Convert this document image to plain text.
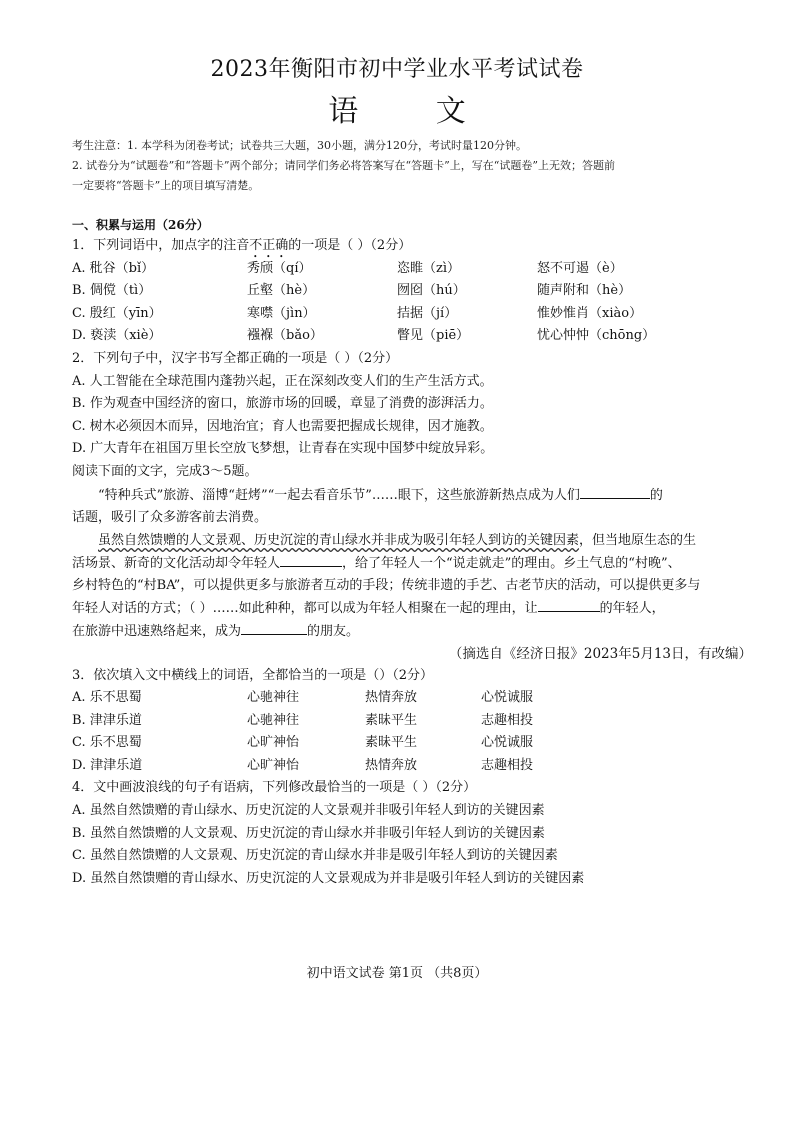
2023年衡阳市初中学业水平考试试卷
语 文

考生注意：1. 本学科为闭卷考试；试卷共三大题，30小题，满分120分，考试时量120分钟。

2. 试卷分为“试题卷”和“答题卡”两个部分；请同学们务必将答案写在“答题卡”上，写在“试题卷”上无效；答题前

一定要将“答题卡”上的项目填写清楚。

一、积累与运用（26分）
1．下列词语中，加点字的注音不正确的一项是（ ）（2分）
A. 秕谷（bǐ）	秀颀（qí）	恣睢（zì）	怒不可遏（è）
B. 倜傥（tì）	丘壑（hè）	囫囵（hú）	随声附和（hè）
C. 殷红（yīn）	寒噤（jìn）	拮据（jí）	惟妙惟肖（xiào）
D. 亵渎（xiè）	襁褓（bǎo）	瞥见（piē）	忧心忡忡（chōng）
2．下列句子中，汉字书写全都正确的一项是（ ）（2分）
A. 人工智能在全球范围内蓬勃兴起，正在深刻改变人们的生产生活方式。
B. 作为观查中国经济的窗口，旅游市场的回暖，章显了消费的澎湃活力。
C. 树木必须因木而异，因地治宜；育人也需要把握成长规律，因才施教。
D. 广大青年在祖国万里长空放飞梦想，让青春在实现中国梦中绽放异彩。
阅读下面的文字，完成3～5题。
“特种兵式”旅游、淄博“赶烤”“一起去看音乐节”……眼下，这些旅游新热点成为人们	的
话题，吸引了众多游客前去消费。
虽然自然馈赠的人文景观、历史沉淀的青山绿水并非成为吸引年轻人到访的关键因素，但当地原生态的生
活场景、新奇的文化活动却令年轻人	，给了年轻人一个“说走就走”的理由。乡土气息的“村晚”、
乡村特色的“村BA”，可以提供更多与旅游者互动的手段；传统非遗的手艺、古老节庆的活动，可以提供更多与
年轻人对话的方式；（ ）……如此种种，都可以成为年轻人相聚在一起的理由，让	的年轻人，
在旅游中迅速熟络起来，成为	的朋友。
（摘选自《经济日报》2023年5月13日，有改编）
3．依次填入文中横线上的词语，全都恰当的一项是（）（2分）
A. 乐不思蜀	心驰神往	热情奔放	心悦诚服
B. 津津乐道	心驰神往	素昧平生	志趣相投
C. 乐不思蜀	心旷神怡	素昧平生	心悦诚服
D. 津津乐道	心旷神怡	热情奔放	志趣相投
4．文中画波浪线的句子有语病，下列修改最恰当的一项是（ ）（2分）
A. 虽然自然馈赠的青山绿水、历史沉淀的人文景观并非吸引年轻人到访的关键因素
B. 虽然自然馈赠的人文景观、历史沉淀的青山绿水并非吸引年轻人到访的关键因素
C. 虽然自然馈赠的人文景观、历史沉淀的青山绿水并非是吸引年轻人到访的关键因素
D. 虽然自然馈赠的青山绿水、历史沉淀的人文景观成为并非是吸引年轻人到访的关键因素
初中语文试卷 第1页 （共8页）
